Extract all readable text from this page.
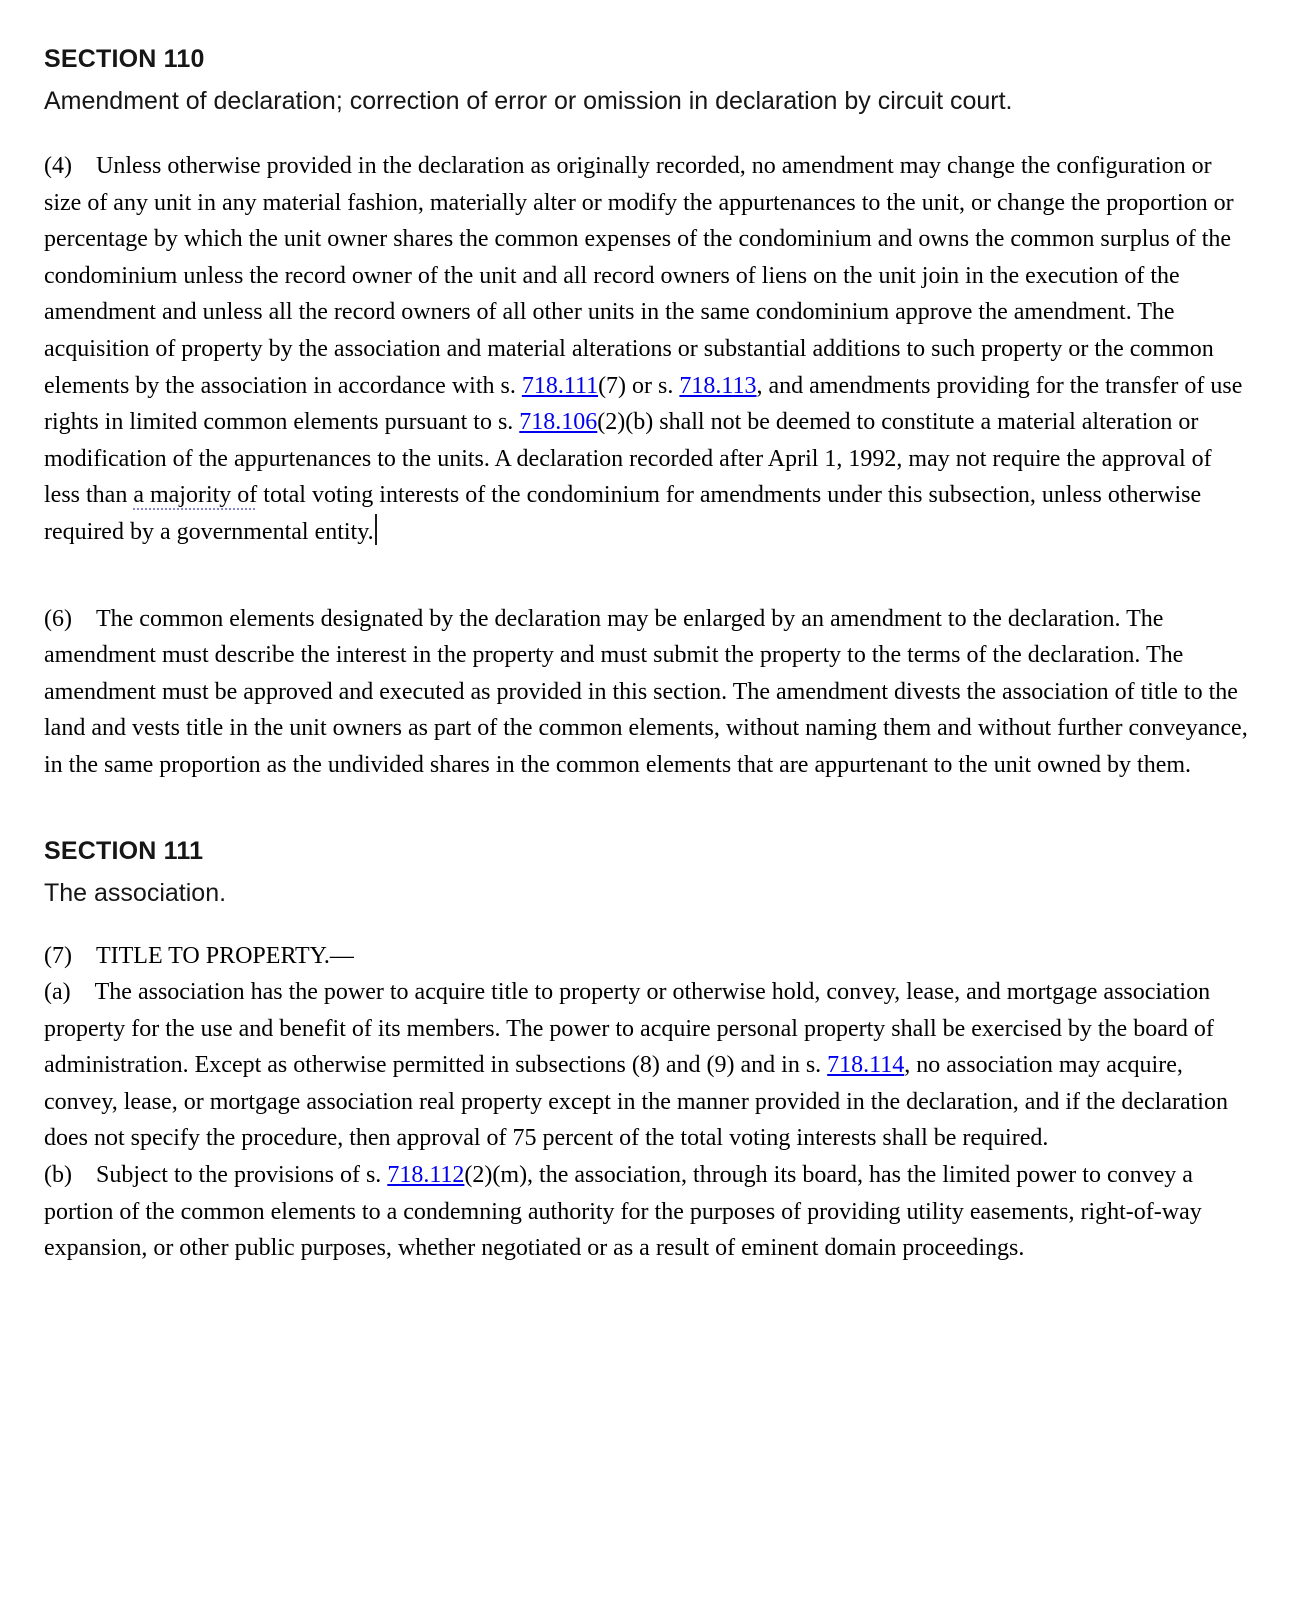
SECTION 110
Amendment of declaration; correction of error or omission in declaration by circuit court.

(4) Unless otherwise provided in the declaration as originally recorded, no amendment may change the configuration or size of any unit in any material fashion, materially alter or modify the appurtenances to the unit, or change the proportion or percentage by which the unit owner shares the common expenses of the condominium and owns the common surplus of the condominium unless the record owner of the unit and all record owners of liens on the unit join in the execution of the amendment and unless all the record owners of all other units in the same condominium approve the amendment. The acquisition of property by the association and material alterations or substantial additions to such property or the common elements by the association in accordance with s. 718.111(7) or s. 718.113, and amendments providing for the transfer of use rights in limited common elements pursuant to s. 718.106(2)(b) shall not be deemed to constitute a material alteration or modification of the appurtenances to the units. A declaration recorded after April 1, 1992, may not require the approval of less than a majority of total voting interests of the condominium for amendments under this subsection, unless otherwise required by a governmental entity.

(6) The common elements designated by the declaration may be enlarged by an amendment to the declaration. The amendment must describe the interest in the property and must submit the property to the terms of the declaration. The amendment must be approved and executed as provided in this section. The amendment divests the association of title to the land and vests title in the unit owners as part of the common elements, without naming them and without further conveyance, in the same proportion as the undivided shares in the common elements that are appurtenant to the unit owned by them.

SECTION 111
The association.

(7) TITLE TO PROPERTY.—

(a) The association has the power to acquire title to property or otherwise hold, convey, lease, and mortgage association property for the use and benefit of its members. The power to acquire personal property shall be exercised by the board of administration. Except as otherwise permitted in subsections (8) and (9) and in s. 718.114, no association may acquire, convey, lease, or mortgage association real property except in the manner provided in the declaration, and if the declaration does not specify the procedure, then approval of 75 percent of the total voting interests shall be required.

(b) Subject to the provisions of s. 718.112(2)(m), the association, through its board, has the limited power to convey a portion of the common elements to a condemning authority for the purposes of providing utility easements, right-of-way expansion, or other public purposes, whether negotiated or as a result of eminent domain proceedings.
